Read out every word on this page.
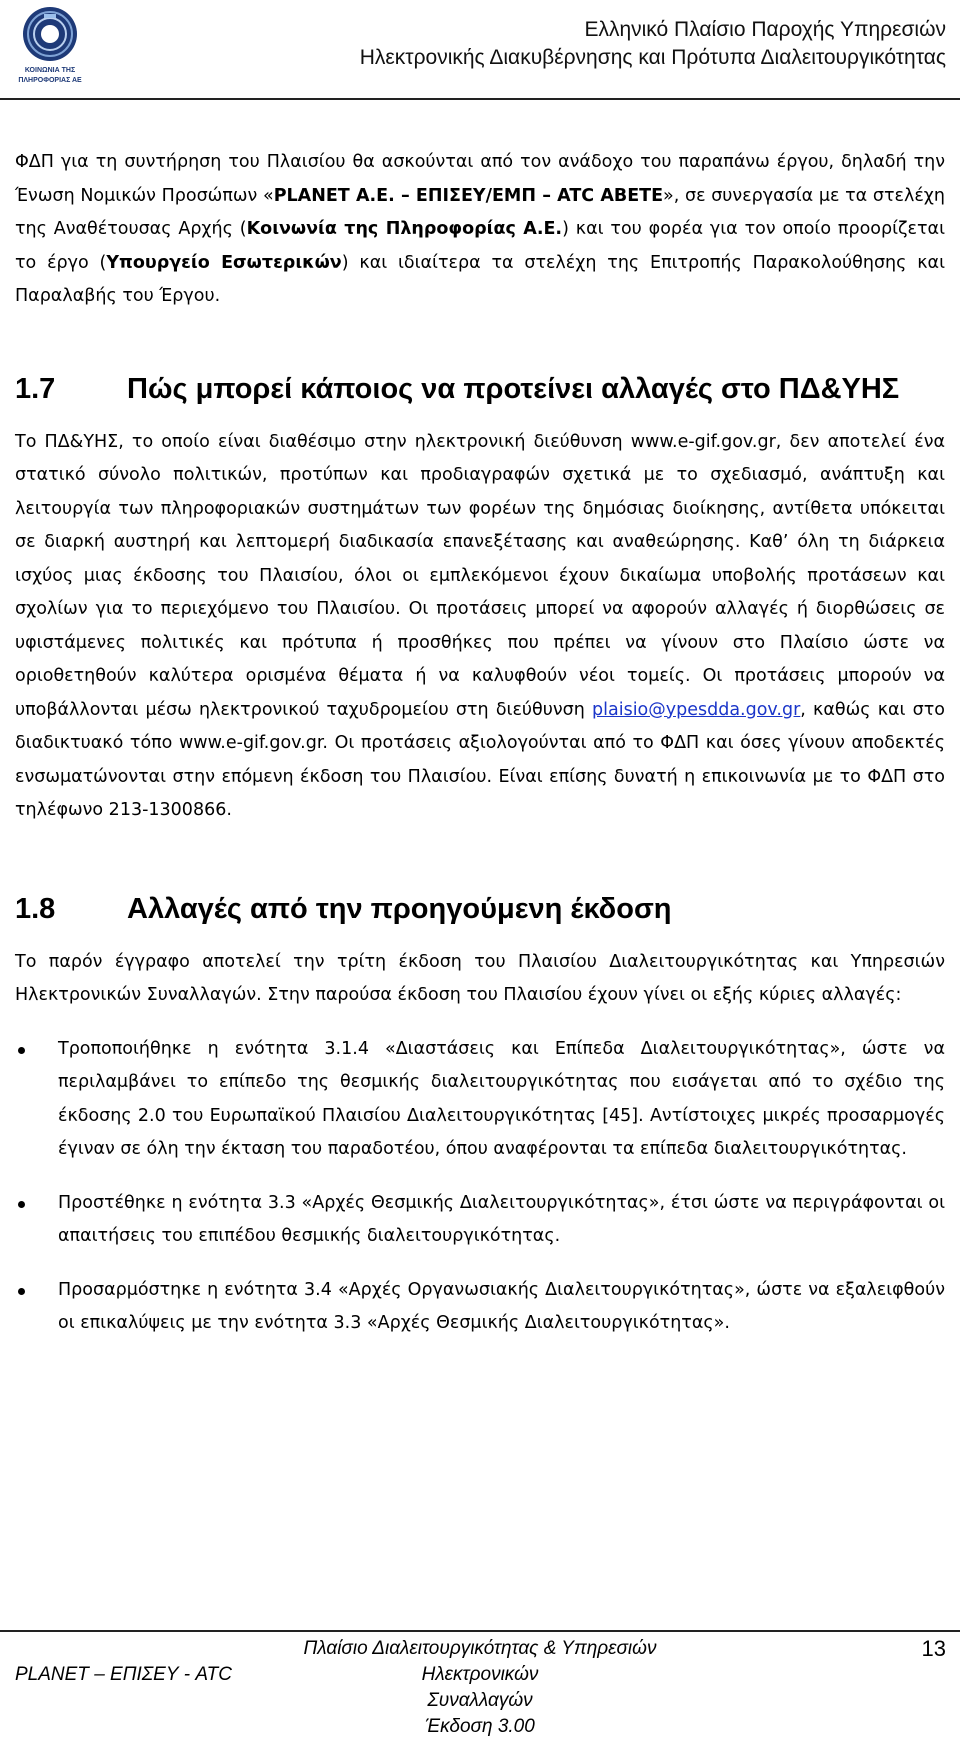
ΚΟΙΝΩΝΙΑ ΤΗΣ
ΠΛΗΡΟΦΟΡΙΑΣ ΑΕ
Ελληνικό Πλαίσιο Παροχής Υπηρεσιών
Ηλεκτρονικής Διακυβέρνησης και Πρότυπα Διαλειτουργικότητας

ΦΔΠ για τη συντήρηση του Πλαισίου θα ασκούνται από τον ανάδοχο του παραπάνω έργου, δηλαδή την Ένωση Νομικών Προσώπων «PLANET Α.Ε. – ΕΠΙΣΕΥ/ΕΜΠ – ATC ΑΒΕΤΕ», σε συνεργασία με τα στελέχη της Αναθέτουσας Αρχής (Κοινωνία της Πληροφορίας Α.Ε.) και του φορέα για τον οποίο προορίζεται το έργο (Υπουργείο Εσωτερικών) και ιδιαίτερα τα στελέχη της Επιτροπής Παρακολούθησης και Παραλαβής του Έργου.

1.7	Πώς μπορεί κάποιος να προτείνει αλλαγές στο ΠΔ&ΥΗΣ

Το ΠΔ&ΥΗΣ, το οποίο είναι διαθέσιμο στην ηλεκτρονική διεύθυνση www.e-gif.gov.gr, δεν αποτελεί ένα στατικό σύνολο πολιτικών, προτύπων και προδιαγραφών σχετικά με το σχεδιασμό, ανάπτυξη και λειτουργία των πληροφοριακών συστημάτων των φορέων της δημόσιας διοίκησης, αντίθετα υπόκειται σε διαρκή αυστηρή και λεπτομερή διαδικασία επανεξέτασης και αναθεώρησης. Καθ’ όλη τη διάρκεια ισχύος μιας έκδοσης του Πλαισίου, όλοι οι εμπλεκόμενοι έχουν δικαίωμα υποβολής προτάσεων και σχολίων για το περιεχόμενο του Πλαισίου. Οι προτάσεις μπορεί να αφορούν αλλαγές ή διορθώσεις σε υφιστάμενες πολιτικές και πρότυπα ή προσθήκες που πρέπει να γίνουν στο Πλαίσιο ώστε να οριοθετηθούν καλύτερα ορισμένα θέματα ή να καλυφθούν νέοι τομείς. Οι προτάσεις μπορούν να υποβάλλονται μέσω ηλεκτρονικού ταχυδρομείου στη διεύθυνση plaisio@ypesdda.gov.gr, καθώς και στο διαδικτυακό τόπο www.e-gif.gov.gr. Οι προτάσεις αξιολογούνται από το ΦΔΠ και όσες γίνουν αποδεκτές ενσωματώνονται στην επόμενη έκδοση του Πλαισίου. Είναι επίσης δυνατή η επικοινωνία με το ΦΔΠ στο τηλέφωνο 213-1300866.

1.8	Αλλαγές από την προηγούμενη έκδοση

Το παρόν έγγραφο αποτελεί την τρίτη έκδοση του Πλαισίου Διαλειτουργικότητας και Υπηρεσιών Ηλεκτρονικών Συναλλαγών. Στην παρούσα έκδοση του Πλαισίου έχουν γίνει οι εξής κύριες αλλαγές:

Τροποποιήθηκε η ενότητα 3.1.4 «Διαστάσεις και Επίπεδα Διαλειτουργικότητας», ώστε να περιλαμβάνει το επίπεδο της θεσμικής διαλειτουργικότητας που εισάγεται από το σχέδιο της έκδοσης 2.0 του Ευρωπαϊκού Πλαισίου Διαλειτουργικότητας [45]. Αντίστοιχες μικρές προσαρμογές έγιναν σε όλη την έκταση του παραδοτέου, όπου αναφέρονται τα επίπεδα διαλειτουργικότητας.
Προστέθηκε η ενότητα 3.3 «Αρχές Θεσμικής Διαλειτουργικότητας», έτσι ώστε να περιγράφονται οι απαιτήσεις του επιπέδου θεσμικής διαλειτουργικότητας.
Προσαρμόστηκε η ενότητα 3.4 «Αρχές Οργανωσιακής Διαλειτουργικότητας», ώστε να εξαλειφθούν οι επικαλύψεις με την ενότητα 3.3 «Αρχές Θεσμικής Διαλειτουργικότητας».
PLANET – ΕΠΙΣΕΥ - ATC
Πλαίσιο Διαλειτουργικότητας & Υπηρεσιών Ηλεκτρονικών
Συναλλαγών
Έκδοση 3.00
13
